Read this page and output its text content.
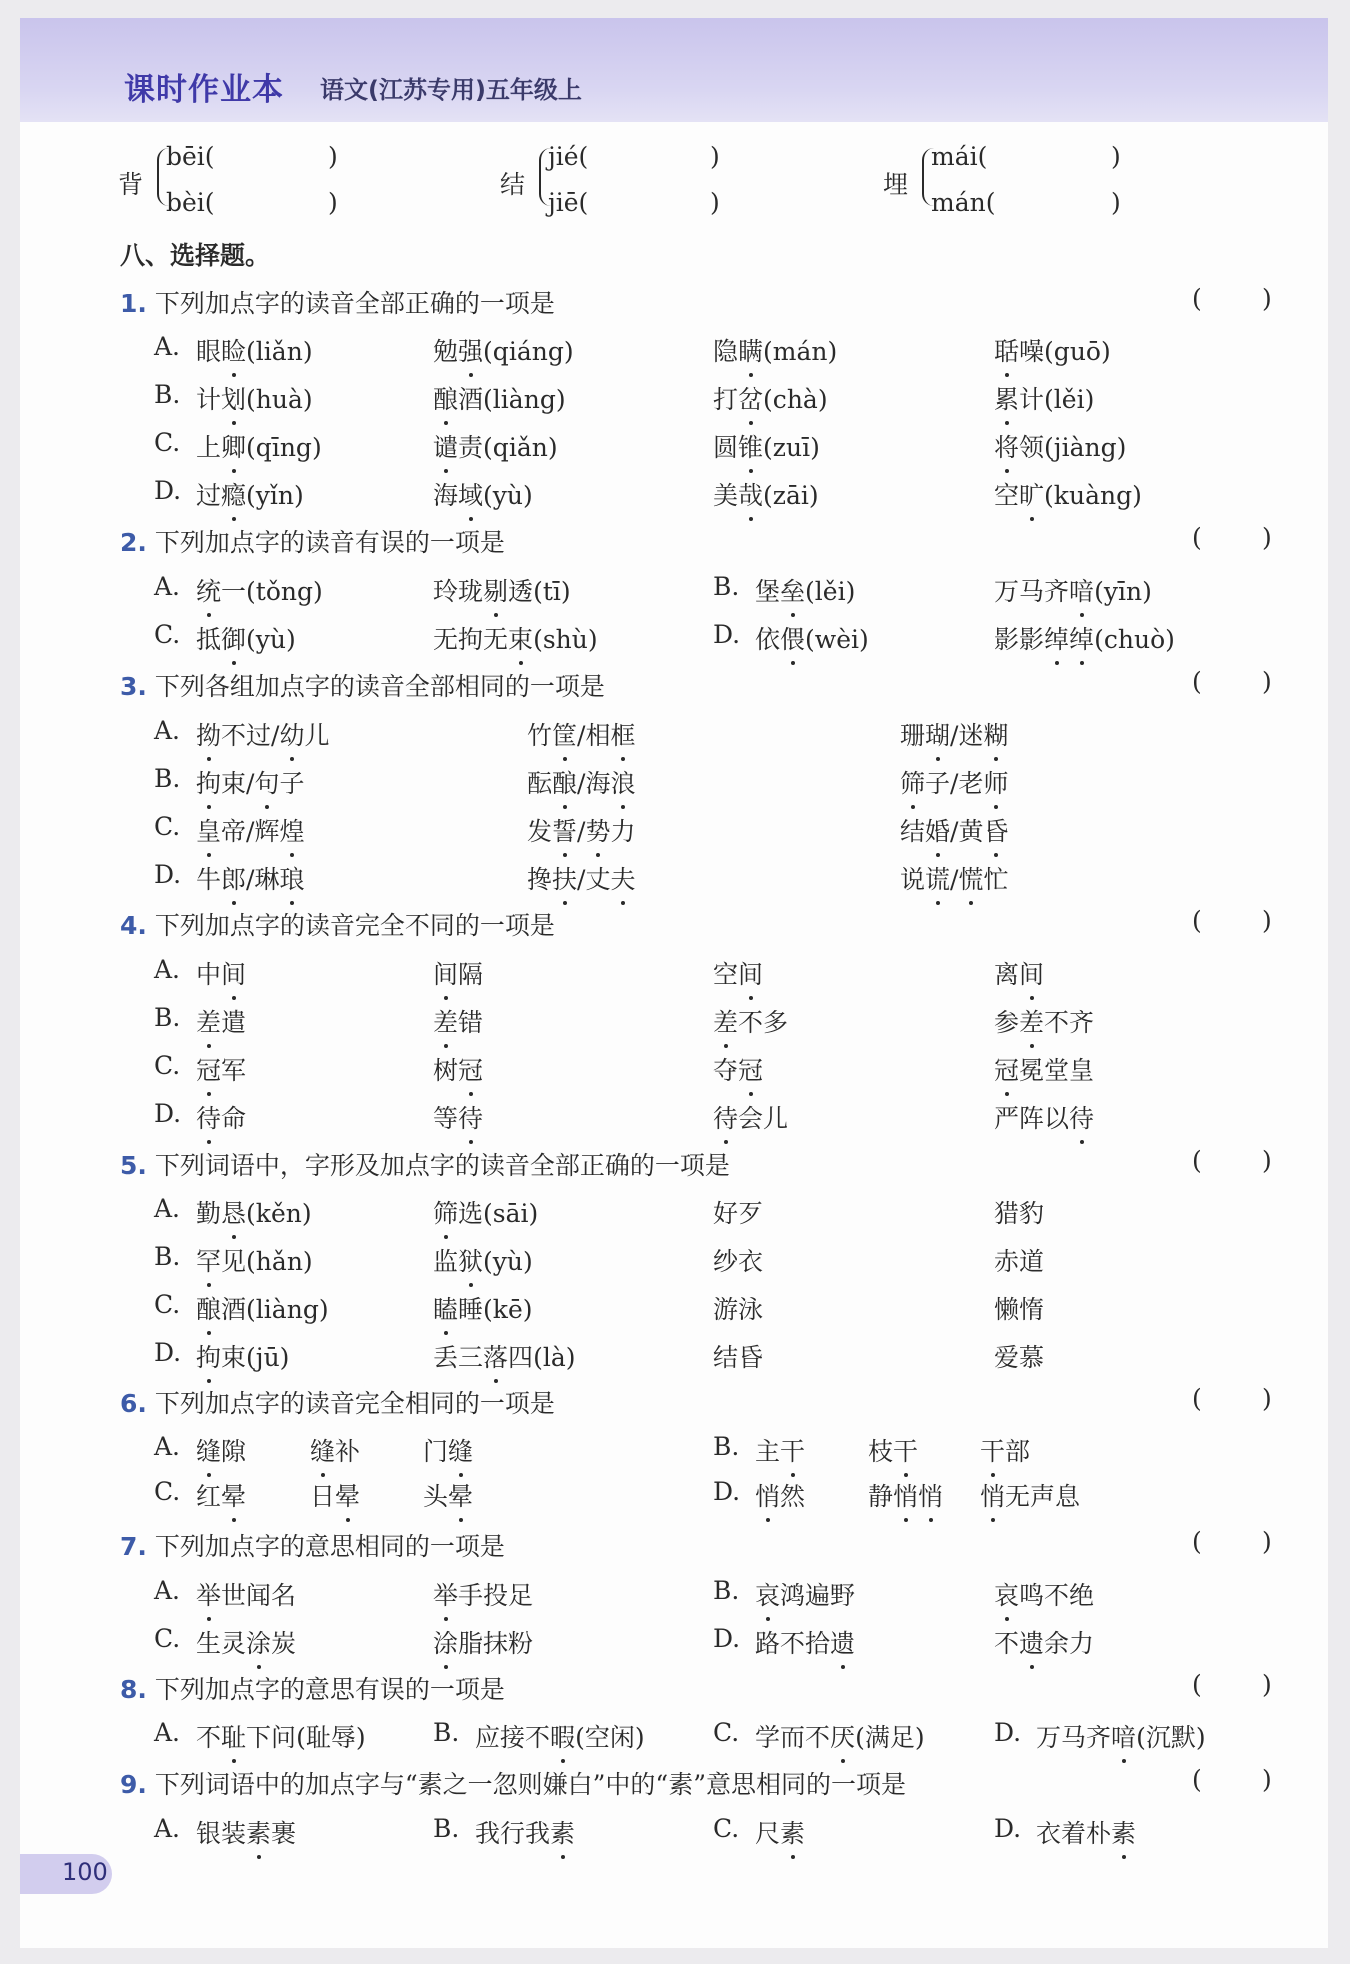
课时作业本 语文(江苏专用)五年级上
背
bēi(
bèi(
)
)
结
jié(
jiē(
)
)
埋
mái(
mán(
)
)
八、选择题。
1. 下列加点字的读音全部正确的一项是	( )
2. 下列加点字的读音有误的一项是	( )
3. 下列各组加点字的读音全部相同的一项是	( )
4. 下列加点字的读音完全不同的一项是	( )
5. 下列词语中，字形及加点字的读音全部正确的一项是	( )
6. 下列加点字的读音完全相同的一项是	( )
7. 下列加点字的意思相同的一项是	( )
8. 下列加点字的意思有误的一项是	( )
9. 下列词语中的加点字与“素之一忽则嫌白”中的“素”意思相同的一项是	( )
A. 眼睑(liǎn)	勉强(qiáng)	隐瞒(mán)	聒噪(guō)
B. 计划(huà)	酿酒(liàng)	打岔(chà)	累计(lěi)
C. 上卿(qīng)	谴责(qiǎn)	圆锥(zuī)	将领(jiàng)
D. 过瘾(yǐn)	海域(yù)	美哉(zāi)	空旷(kuàng)
A. 统一(tǒng)	玲珑剔透(tī)	B. 堡垒(lěi)	万马齐喑(yīn)
C. 抵御(yù)	无拘无束(shù)	D. 依偎(wèi)	影影绰绰(chuò)
A. 拗不过/幼儿	竹筐/相框	珊瑚/迷糊
B. 拘束/句子	酝酿/海浪	筛子/老师
C. 皇帝/辉煌	发誓/势力	结婚/黄昏
D. 牛郎/琳琅	搀扶/丈夫	说谎/慌忙
A. 中间	间隔	空间	离间
B. 差遣	差错	差不多	参差不齐
C. 冠军	树冠	夺冠	冠冕堂皇
D. 待命	等待	待会儿	严阵以待
A. 勤恳(kěn)	筛选(sāi)	好歹	猎豹
B. 罕见(hǎn)	监狱(yù)	纱衣	赤道
C. 酿酒(liàng)	瞌睡(kē)	游泳	懒惰
D. 拘束(jū)	丢三落四(là)	结昏	爱慕
A. 缝隙	缝补	门缝	B. 主干	枝干 干部
C. 红晕	日晕	头晕	D. 悄然	静悄悄 悄无声息
A. 举世闻名	举手投足	B. 哀鸿遍野	哀鸣不绝
C. 生灵涂炭	涂脂抹粉	D. 路不拾遗	不遗余力
A. 不耻下问(耻辱)	B. 应接不暇(空闲)	C. 学而不厌(满足)	D. 万马齐喑(沉默)
A. 银装素裹	B. 我行我素	C. 尺素	D. 衣着朴素
100
